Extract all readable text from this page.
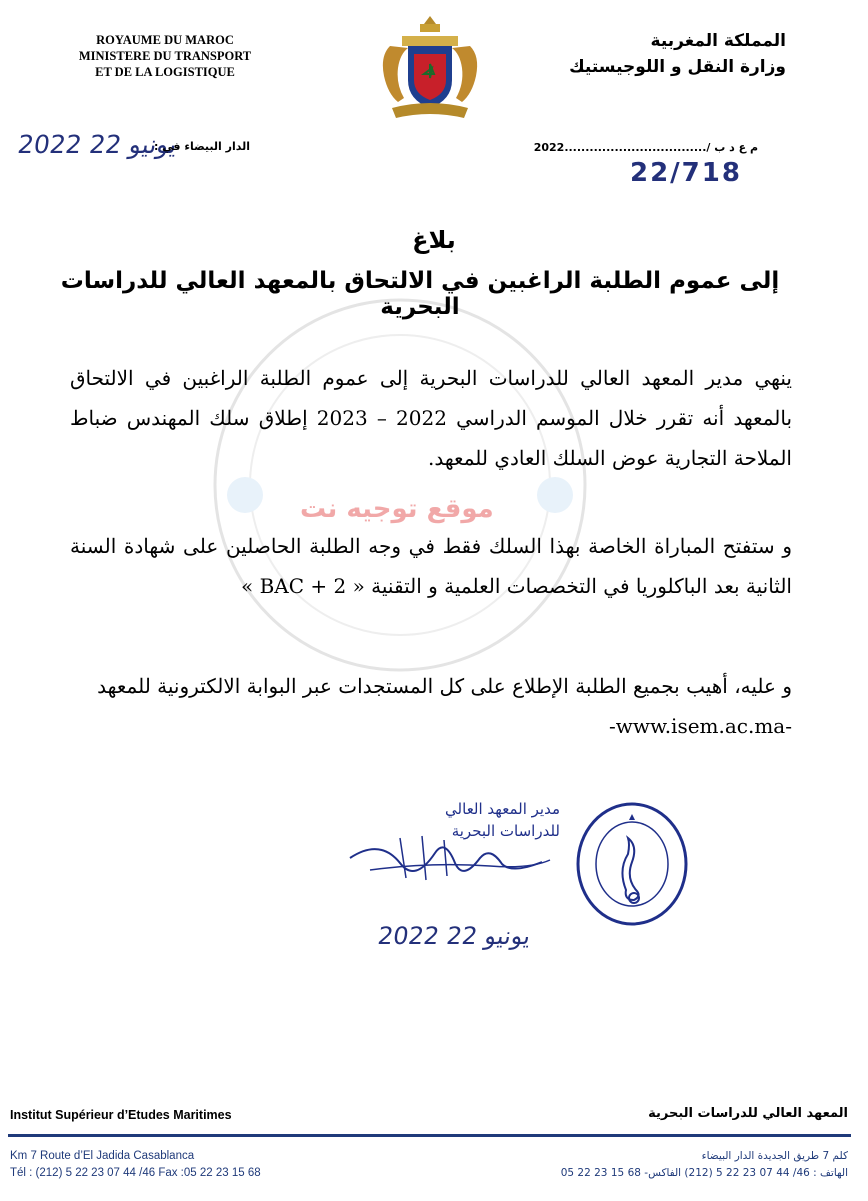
موقع توجيه نت
ROYAUME DU MAROC
MINISTERE DU TRANSPORT
ET DE LA LOGISTIQUE
المملكة المغربية
وزارة النقل و اللوجيستيك
2022 يونيو 22
الدار البيضاء في :	م ع د ب /..................................2022
22/718
بلاغ
إلى عموم الطلبة الراغبين في الالتحاق بالمعهد العالي للدراسات البحرية
ينهي مدير المعهد العالي للدراسات البحرية إلى عموم الطلبة الراغبين في الالتحاق بالمعهد أنه تقرر خلال الموسم الدراسي 2022 – 2023 إطلاق سلك المهندس ضباط الملاحة التجارية عوض السلك العادي للمعهد.
و ستفتح المباراة الخاصة بهذا السلك فقط في وجه الطلبة الحاصلين على شهادة السنة الثانية بعد الباكلوريا في التخصصات العلمية و التقنية « BAC + 2 »
و عليه، أهيب بجميع الطلبة الإطلاع على كل المستجدات عبر البوابة الالكترونية للمعهد
-www.isem.ac.ma-
مدير المعهد العالي
للدراسات البحرية
2022 يونيو 22
Institut Supérieur d’Etudes Maritimes	المعهد العالي للدراسات البحرية
Km 7 Route d’El Jadida Casablanca
Tél : (212) 5 22 23 07 44 /46 Fax :05 22 23 15 68
كلم 7 طريق الجديدة الدار البيضاء
الهاتف : 46/ 44 07 23 22 5 (212) الفاكس- 68 15 23 22 05
